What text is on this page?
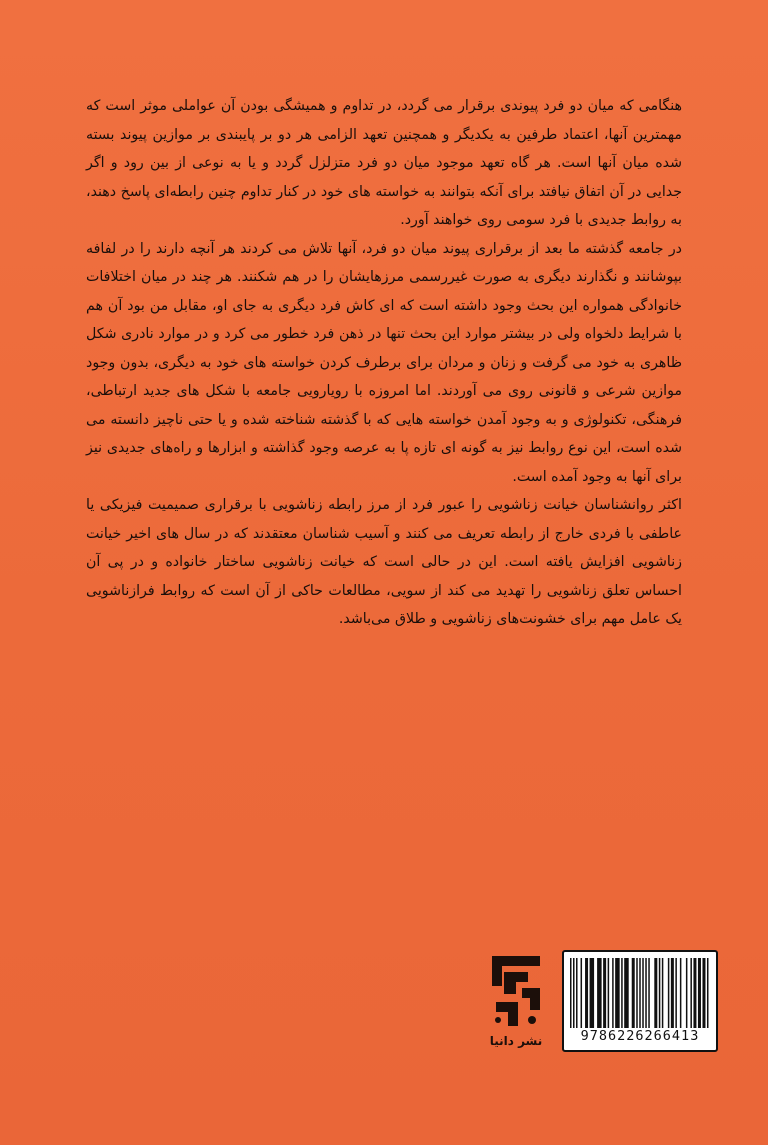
هنگامی که میان دو فرد پیوندی برقرار می گردد، در تداوم و همیشگی بودن آن عواملی موثر است که مهمترین آنها، اعتماد طرفین به یکدیگر و همچنین تعهد الزامی هر دو بر پایبندی بر موازین پیوند بسته شده میان آنها است. هر گاه تعهد موجود میان دو فرد متزلزل گردد و یا به نوعی از بین رود و اگر جدایی در آن اتفاق نیافتد برای آنکه بتوانند به خواسته های خود در کنار تداوم چنین رابطه‌ای پاسخ دهند، به روابط جدیدی با فرد سومی روی خواهند آورد.

در جامعه گذشته ما بعد از برقراری پیوند میان دو فرد، آنها تلاش می کردند هر آنچه دارند را در لفافه بپوشانند و نگذارند دیگری به صورت غیررسمی مرزهایشان را در هم شکنند. هر چند در میان اختلافات خانوادگی همواره این بحث وجود داشته است که ای کاش فرد دیگری به جای او، مقابل من بود آن هم با شرایط دلخواه ولی در بیشتر موارد این بحث تنها در ذهن فرد خطور می کرد و در موارد نادری شکل ظاهری به خود می گرفت و زنان و مردان برای برطرف کردن خواسته های خود به دیگری، بدون وجود موازین شرعی و قانونی روی می آوردند. اما امروزه با رویارویی جامعه با شکل های جدید ارتباطی، فرهنگی، تکنولوژی و به وجود آمدن خواسته هایی که با گذشته شناخته شده و یا حتی ناچیز دانسته می شده است، این نوع روابط نیز به گونه ای تازه پا به عرصه وجود گذاشته و ابزارها و راه‌های جدیدی نیز برای آنها به وجود آمده است.

اکثر روانشناسان خیانت زناشویی را عبور فرد از مرز رابطه زناشویی با برقراری صمیمیت فیزیکی یا عاطفی با فردی خارج از رابطه تعریف می کنند و آسیب شناسان معتقدند که در سال های اخیر خیانت زناشویی افزایش یافته است. این در حالی است که خیانت زناشویی ساختار خانواده و در پی آن احساس تعلق زناشویی را تهدید می کند از سویی، مطالعات حاکی از آن است که روابط فرازناشویی یک عامل مهم برای خشونت‌های زناشویی و طلاق می‌باشد.

نشر دانیا	9786226266413
